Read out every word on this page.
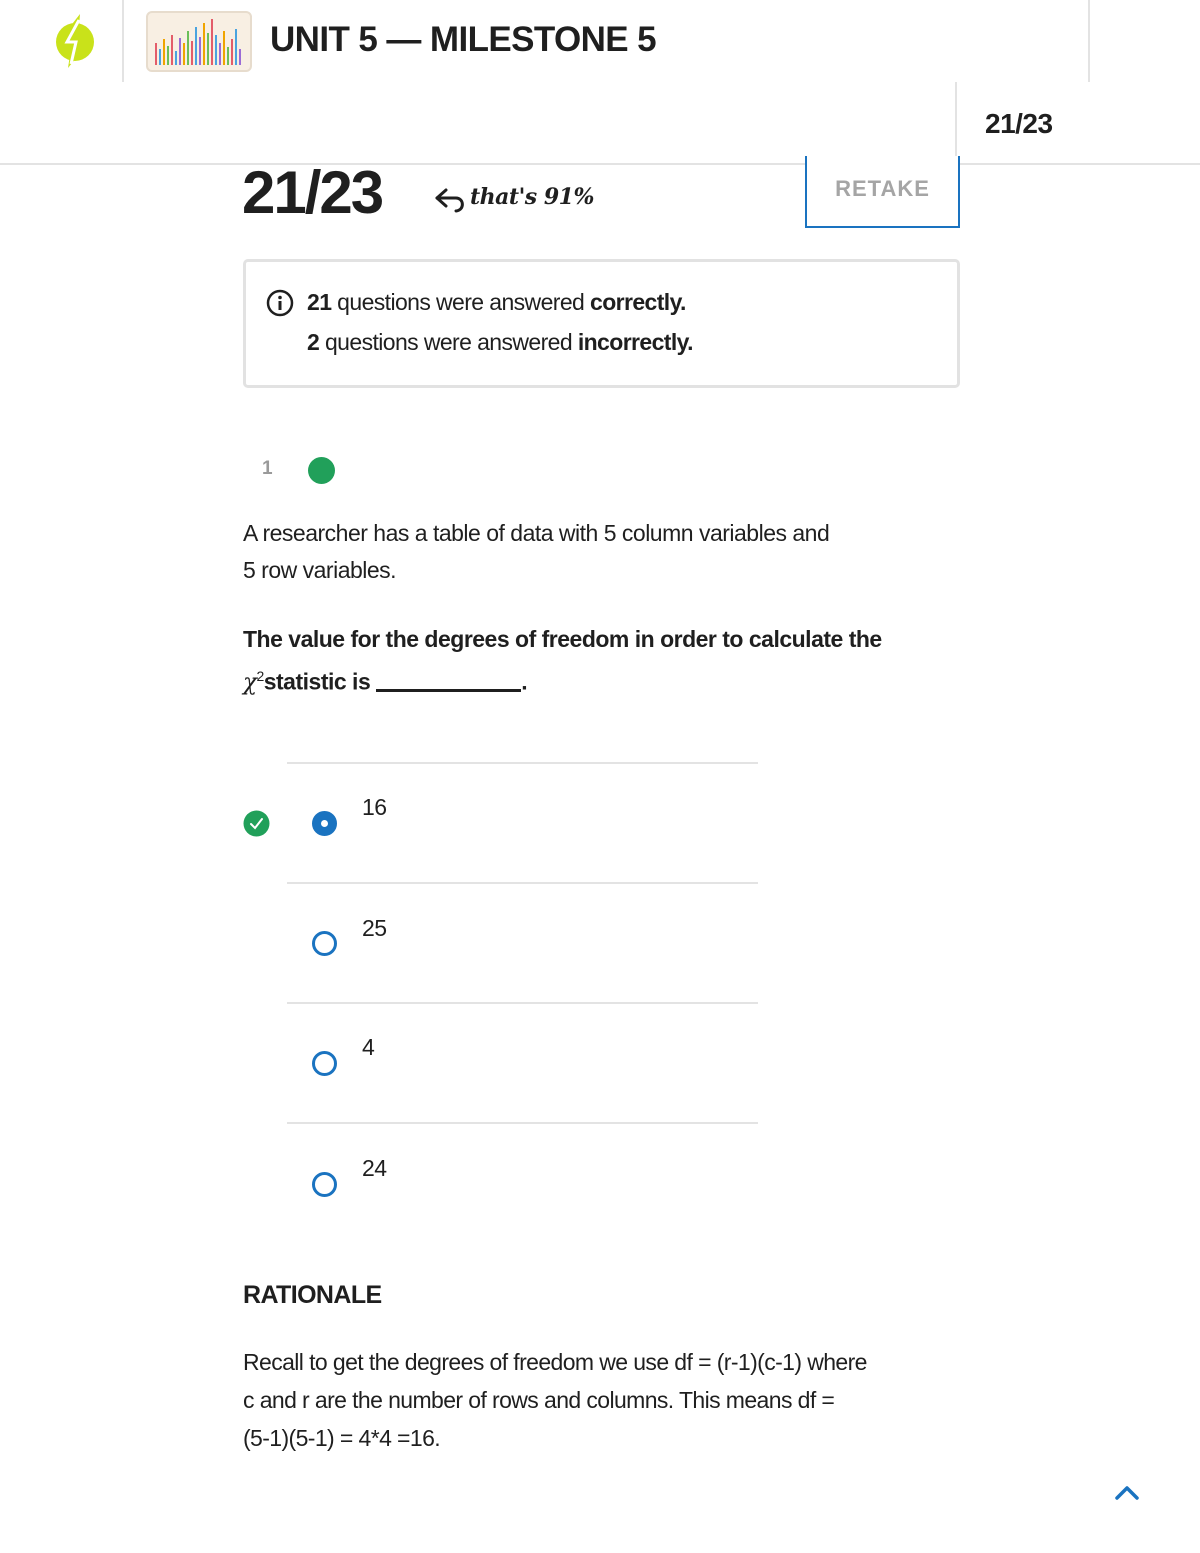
UNIT 5 — MILESTONE 5
21/23
21/23	that's 91%	RETAKE
21 questions were answered correctly.
2 questions were answered incorrectly.
1
A researcher has a table of data with 5 column variables and
5 row variables.
The value for the degrees of freedom in order to calculate the
$\chi^2statistic$ is	.
16
25
4
24
RATIONALE
Recall to get the degrees of freedom we use df = (r-1)(c-1) where
c and r are the number of rows and columns. This means df =
(5-1)(5-1) = 4*4 =16.
